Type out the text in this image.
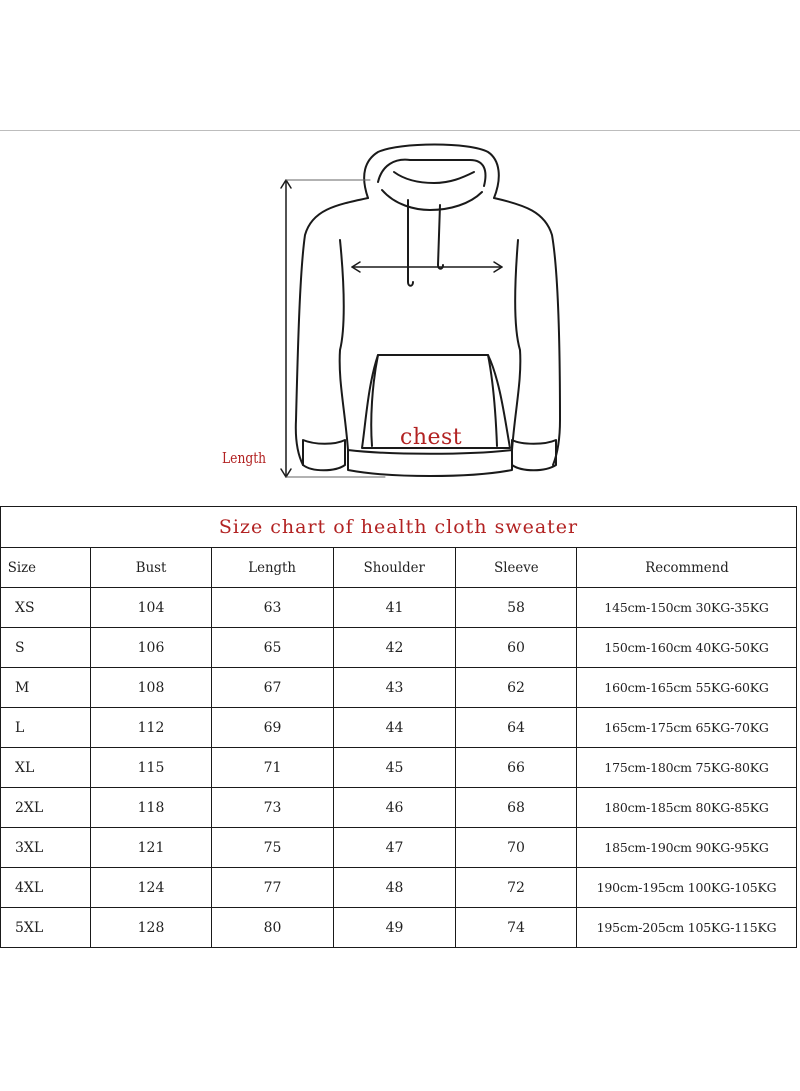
Length
chest
Size chart of health cloth sweater					
Size	Bust	Length	Shoulder	Sleeve	Recommend
XS	104	63	41	58	145cm-150cm 30KG-35KG
S	106	65	42	60	150cm-160cm 40KG-50KG
M	108	67	43	62	160cm-165cm 55KG-60KG
L	112	69	44	64	165cm-175cm 65KG-70KG
XL	115	71	45	66	175cm-180cm 75KG-80KG
2XL	118	73	46	68	180cm-185cm 80KG-85KG
3XL	121	75	47	70	185cm-190cm 90KG-95KG
4XL	124	77	48	72	190cm-195cm 100KG-105KG
5XL	128	80	49	74	195cm-205cm 105KG-115KG
